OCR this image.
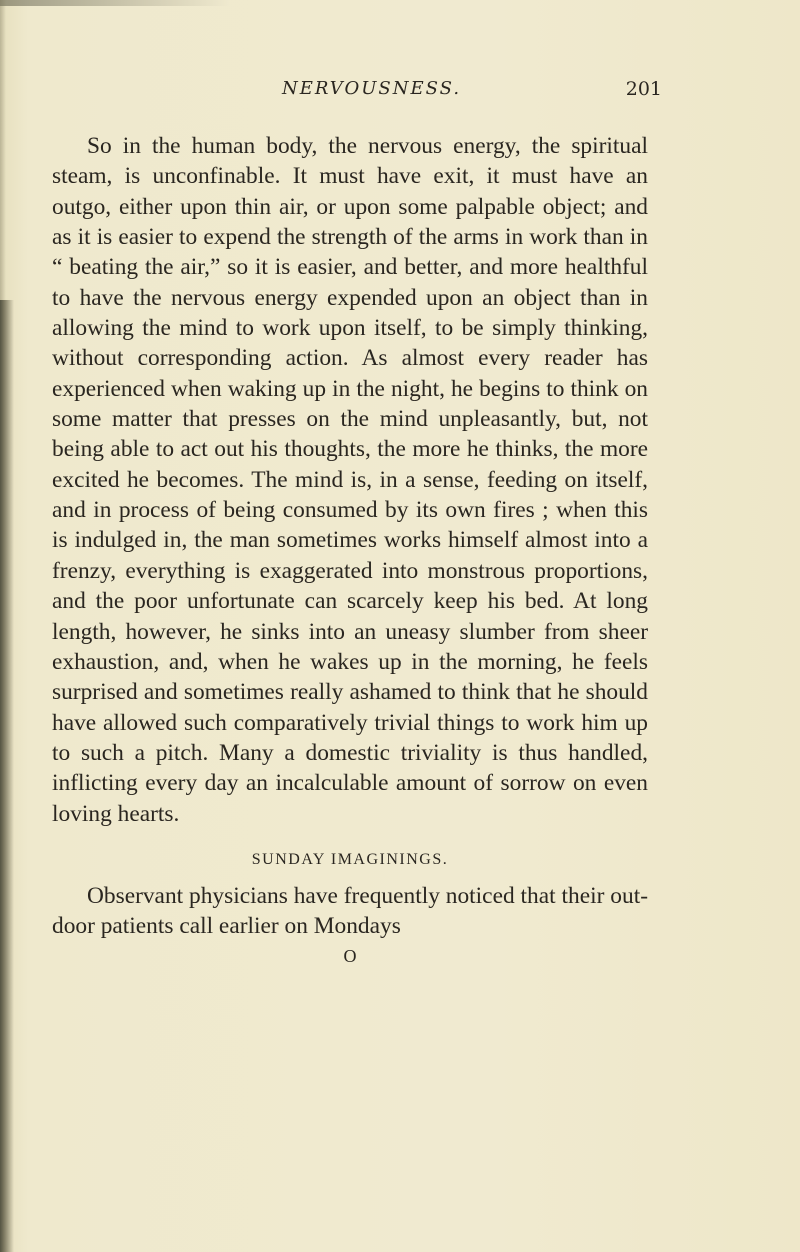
NERVOUSNESS.	201

So in the human body, the nervous energy, the spiritual steam, is unconfinable. It must have exit, it must have an outgo, either upon thin air, or upon some palpable object; and as it is easier to expend the strength of the arms in work than in “ beating the air,” so it is easier, and better, and more healthful to have the nervous energy expended upon an object than in allowing the mind to work upon itself, to be simply thinking, without corresponding action. As almost every reader has experienced when waking up in the night, he begins to think on some matter that presses on the mind unpleasantly, but, not being able to act out his thoughts, the more he thinks, the more excited he becomes. The mind is, in a sense, feeding on itself, and in process of being consumed by its own fires ; when this is indulged in, the man sometimes works himself almost into a frenzy, everything is exaggerated into monstrous proportions, and the poor unfortunate can scarcely keep his bed. At long length, however, he sinks into an uneasy slumber from sheer exhaustion, and, when he wakes up in the morning, he feels surprised and sometimes really ashamed to think that he should have allowed such comparatively trivial things to work him up to such a pitch. Many a domestic triviality is thus handled, inflicting every day an incalculable amount of sorrow on even loving hearts.

SUNDAY IMAGININGS.

Observant physicians have frequently noticed that their out-door patients call earlier on Mondays

O
